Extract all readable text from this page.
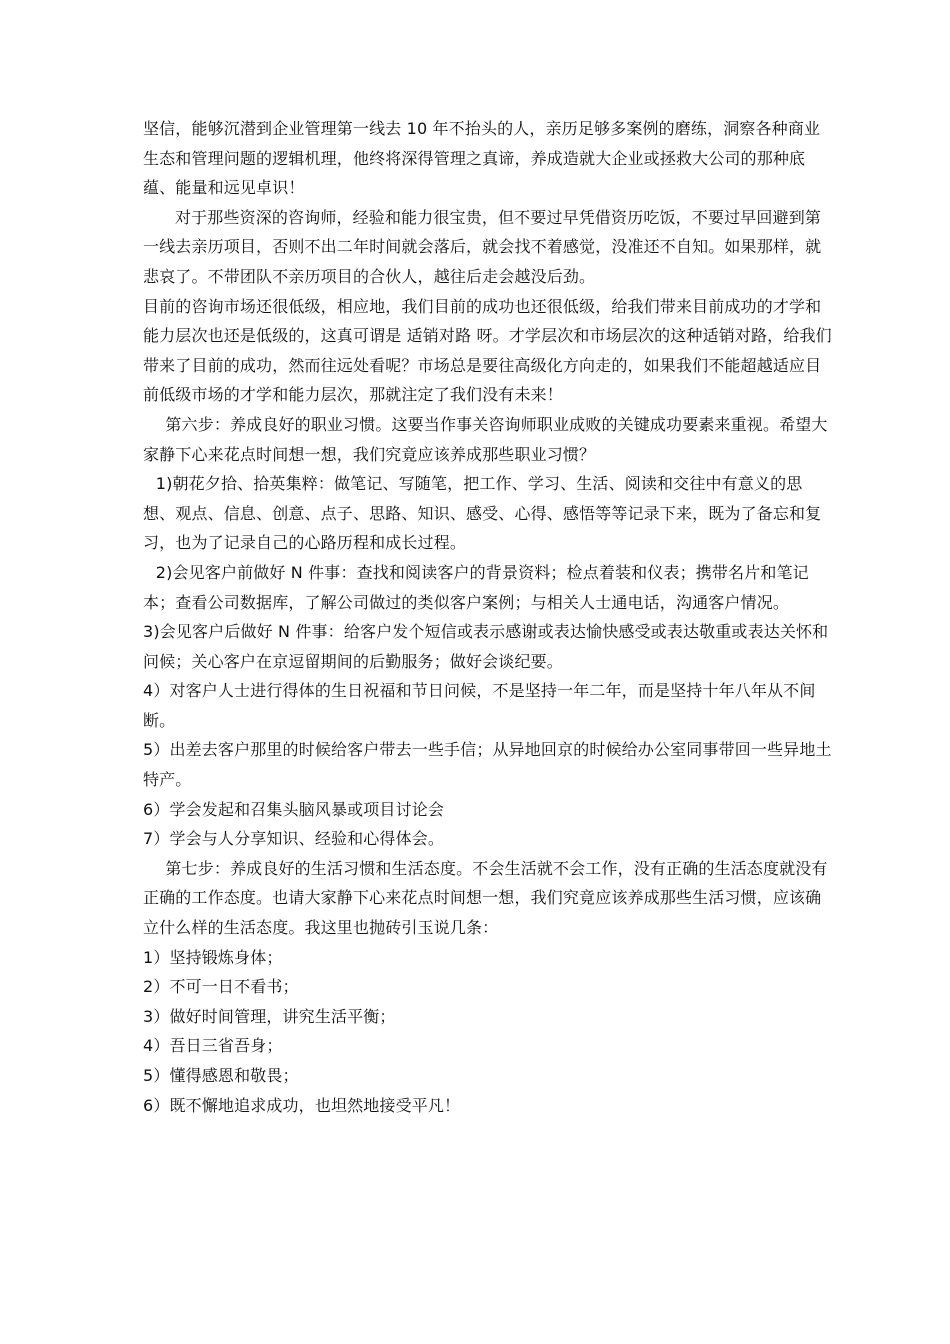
坚信，能够沉潜到企业管理第一线去 10 年不抬头的人，亲历足够多案例的磨练，洞察各种商业生态和管理问题的逻辑机理，他终将深得管理之真谛，养成造就大企业或拯救大公司的那种底蕴、能量和远见卓识！

对于那些资深的咨询师，经验和能力很宝贵，但不要过早凭借资历吃饭，不要过早回避到第一线去亲历项目，否则不出二年时间就会落后，就会找不着感觉，没准还不自知。如果那样，就悲哀了。不带团队不亲历项目的合伙人，越往后走会越没后劲。

目前的咨询市场还很低级，相应地，我们目前的成功也还很低级，给我们带来目前成功的才学和能力层次也还是低级的，这真可谓是 适销对路 呀。才学层次和市场层次的这种适销对路，给我们带来了目前的成功，然而往远处看呢？市场总是要往高级化方向走的，如果我们不能超越适应目前低级市场的才学和能力层次，那就注定了我们没有未来！

第六步：养成良好的职业习惯。这要当作事关咨询师职业成败的关键成功要素来重视。希望大家静下心来花点时间想一想，我们究竟应该养成那些职业习惯？

1)朝花夕拾、拾英集粹：做笔记、写随笔，把工作、学习、生活、阅读和交往中有意义的思想、观点、信息、创意、点子、思路、知识、感受、心得、感悟等等记录下来，既为了备忘和复习，也为了记录自己的心路历程和成长过程。

2)会见客户前做好 N 件事：查找和阅读客户的背景资料；检点着装和仪表；携带名片和笔记本；查看公司数据库，了解公司做过的类似客户案例；与相关人士通电话，沟通客户情况。

3)会见客户后做好 N 件事：给客户发个短信或表示感谢或表达愉快感受或表达敬重或表达关怀和问候；关心客户在京逗留期间的后勤服务；做好会谈纪要。

4）对客户人士进行得体的生日祝福和节日问候，不是坚持一年二年，而是坚持十年八年从不间断。

5）出差去客户那里的时候给客户带去一些手信；从异地回京的时候给办公室同事带回一些异地土特产。

6）学会发起和召集头脑风暴或项目讨论会

7）学会与人分享知识、经验和心得体会。

第七步：养成良好的生活习惯和生活态度。不会生活就不会工作，没有正确的生活态度就没有正确的工作态度。也请大家静下心来花点时间想一想，我们究竟应该养成那些生活习惯，应该确立什么样的生活态度。我这里也抛砖引玉说几条：

1）坚持锻炼身体；

2）不可一日不看书；

3）做好时间管理，讲究生活平衡；

4）吾日三省吾身；

5）懂得感恩和敬畏；

6）既不懈地追求成功，也坦然地接受平凡！
